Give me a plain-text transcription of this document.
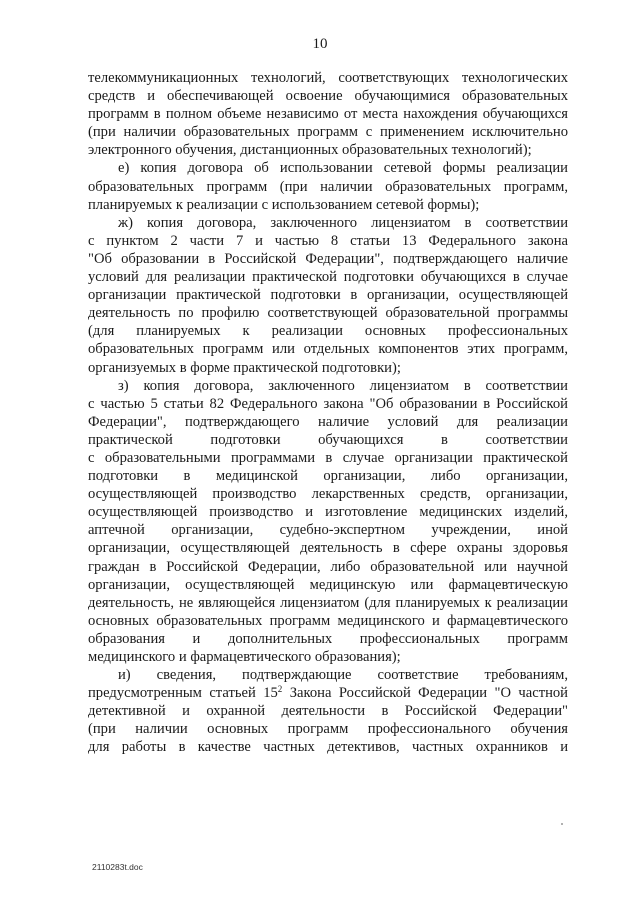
10
телекоммуникационных технологий, соответствующих технологических
средств и обеспечивающей освоение обучающимися образовательных
программ в полном объеме независимо от места нахождения обучающихся
(при наличии образовательных программ с применением исключительно
электронного обучения, дистанционных образовательных технологий);
е) копия договора об использовании сетевой формы реализации
образовательных программ (при наличии образовательных программ,
планируемых к реализации с использованием сетевой формы);
ж) копия договора, заключенного лицензиатом в соответствии
с пунктом 2 части 7 и частью 8 статьи 13 Федерального закона
"Об образовании в Российской Федерации", подтверждающего наличие
условий для реализации практической подготовки обучающихся в случае
организации практической подготовки в организации, осуществляющей
деятельность по профилю соответствующей образовательной программы
(для планируемых к реализации основных профессиональных
образовательных программ или отдельных компонентов этих программ,
организуемых в форме практической подготовки);
з) копия договора, заключенного лицензиатом в соответствии
с частью 5 статьи 82 Федерального закона "Об образовании в Российской
Федерации", подтверждающего наличие условий для реализации
практической подготовки обучающихся в соответствии
с образовательными программами в случае организации практической
подготовки в медицинской организации, либо организации,
осуществляющей производство лекарственных средств, организации,
осуществляющей производство и изготовление медицинских изделий,
аптечной организации, судебно-экспертном учреждении, иной
организации, осуществляющей деятельность в сфере охраны здоровья
граждан в Российской Федерации, либо образовательной или научной
организации, осуществляющей медицинскую или фармацевтическую
деятельность, не являющейся лицензиатом (для планируемых к реализации
основных образовательных программ медицинского и фармацевтического
образования и дополнительных профессиональных программ
медицинского и фармацевтического образования);
и) сведения, подтверждающие соответствие требованиям,
предусмотренным статьей $15^2$ Закона Российской Федерации "О частной
детективной и охранной деятельности в Российской Федерации"
(при наличии основных программ профессионального обучения
для работы в качестве частных детективов, частных охранников и
2110283t.doc
